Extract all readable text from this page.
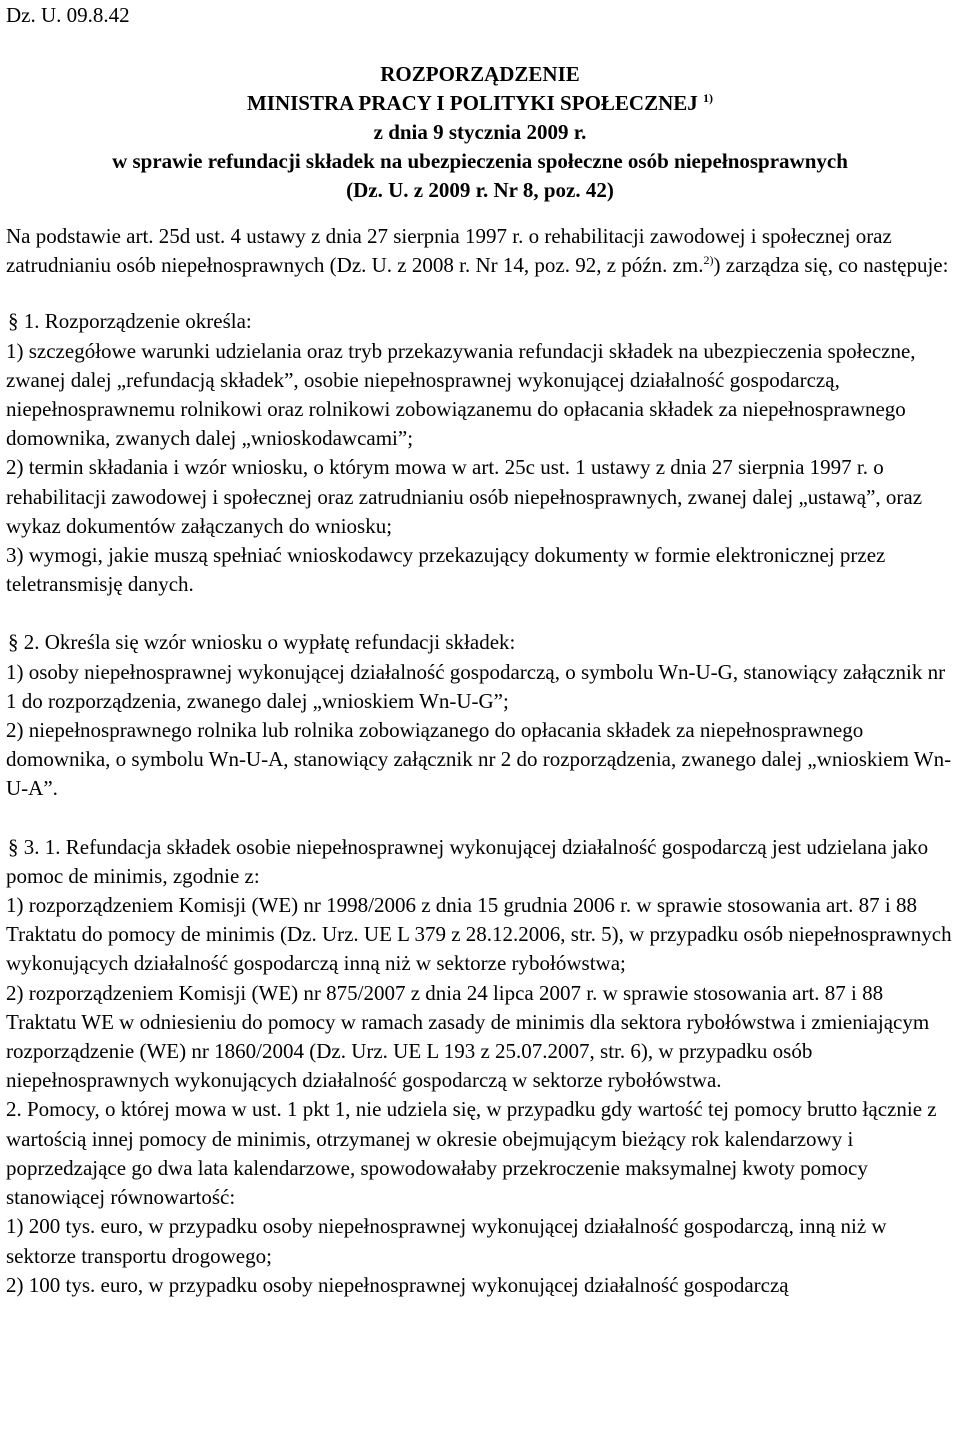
Dz. U. 09.8.42

ROZPORZĄDZENIE
MINISTRA PRACY I POLITYKI SPOŁECZNEJ $^{1)}$
z dnia 9 stycznia 2009 r.
w sprawie refundacji składek na ubezpieczenia społeczne osób niepełnosprawnych
(Dz. U. z 2009 r. Nr 8, poz. 42)

Na podstawie art. 25d ust. 4 ustawy z dnia 27 sierpnia 1997 r. o rehabilitacji zawodowej i społecznej oraz zatrudnianiu osób niepełnosprawnych (Dz. U. z 2008 r. Nr 14, poz. 92, z późn. zm.$^{2)}$) zarządza się, co następuje:

§ 1. Rozporządzenie określa:

1) szczegółowe warunki udzielania oraz tryb przekazywania refundacji składek na ubezpieczenia społeczne, zwanej dalej „refundacją składek”, osobie niepełnosprawnej wykonującej działalność gospodarczą, niepełnosprawnemu rolnikowi oraz rolnikowi zobowiązanemu do opłacania składek za niepełnosprawnego domownika, zwanych dalej „wnioskodawcami”;

2) termin składania i wzór wniosku, o którym mowa w art. 25c ust. 1 ustawy z dnia 27 sierpnia 1997 r. o rehabilitacji zawodowej i społecznej oraz zatrudnianiu osób niepełnosprawnych, zwanej dalej „ustawą”, oraz wykaz dokumentów załączanych do wniosku;

3) wymogi, jakie muszą spełniać wnioskodawcy przekazujący dokumenty w formie elektronicznej przez teletransmisję danych.

§ 2. Określa się wzór wniosku o wypłatę refundacji składek:

1) osoby niepełnosprawnej wykonującej działalność gospodarczą, o symbolu Wn-U-G, stanowiący załącznik nr 1 do rozporządzenia, zwanego dalej „wnioskiem Wn-U-G”;

2) niepełnosprawnego rolnika lub rolnika zobowiązanego do opłacania składek za niepełnosprawnego domownika, o symbolu Wn-U-A, stanowiący załącznik nr 2 do rozporządzenia, zwanego dalej „wnioskiem Wn-U-A”.

§ 3. 1. Refundacja składek osobie niepełnosprawnej wykonującej działalność gospodarczą jest udzielana jako pomoc de minimis, zgodnie z:

1) rozporządzeniem Komisji (WE) nr 1998/2006 z dnia 15 grudnia 2006 r. w sprawie stosowania art. 87 i 88 Traktatu do pomocy de minimis (Dz. Urz. UE L 379 z 28.12.2006, str. 5), w przypadku osób niepełnosprawnych wykonujących działalność gospodarczą inną niż w sektorze rybołówstwa;

2) rozporządzeniem Komisji (WE) nr 875/2007 z dnia 24 lipca 2007 r. w sprawie stosowania art. 87 i 88 Traktatu WE w odniesieniu do pomocy w ramach zasady de minimis dla sektora rybołówstwa i zmieniającym rozporządzenie (WE) nr 1860/2004 (Dz. Urz. UE L 193 z 25.07.2007, str. 6), w przypadku osób niepełnosprawnych wykonujących działalność gospodarczą w sektorze rybołówstwa.

2. Pomocy, o której mowa w ust. 1 pkt 1, nie udziela się, w przypadku gdy wartość tej pomocy brutto łącznie z wartością innej pomocy de minimis, otrzymanej w okresie obejmującym bieżący rok kalendarzowy i poprzedzające go dwa lata kalendarzowe, spowodowałaby przekroczenie maksymalnej kwoty pomocy stanowiącej równowartość:

1) 200 tys. euro, w przypadku osoby niepełnosprawnej wykonującej działalność gospodarczą, inną niż w sektorze transportu drogowego;

2) 100 tys. euro, w przypadku osoby niepełnosprawnej wykonującej działalność gospodarczą
